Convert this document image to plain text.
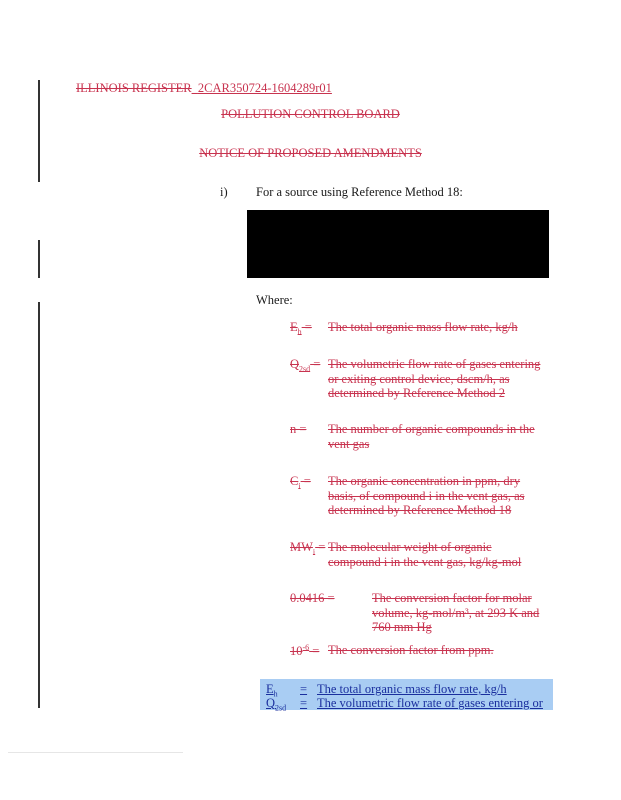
ILLINOIS REGISTER_2CAR350724-1604289r01
POLLUTION CONTROL BOARD
NOTICE OF PROPOSED AMENDMENTS
i) For a source using Reference Method 18:
Where:
$E_h$ = The total organic mass flow rate, kg/h
$Q_{2sd}$ = The volumetric flow rate of gases entering or exiting control device, dscm/h, as determined by Reference Method 2
n = The number of organic compounds in the vent gas
$C_i$ = The organic concentration in ppm, dry basis, of compound i in the vent gas, as determined by Reference Method 18
$MW_i$ = The molecular weight of organic compound i in the vent gas, kg/kg-mol
0.0416 =	The conversion factor for molar volume, kg-mol/m³, at 293 K and 760 mm Hg
$10^{-6}$ = The conversion factor from ppm.
$E_h$ = The total organic mass flow rate, kg/h
$Q_{2sd}$ = The volumetric flow rate of gases entering or
